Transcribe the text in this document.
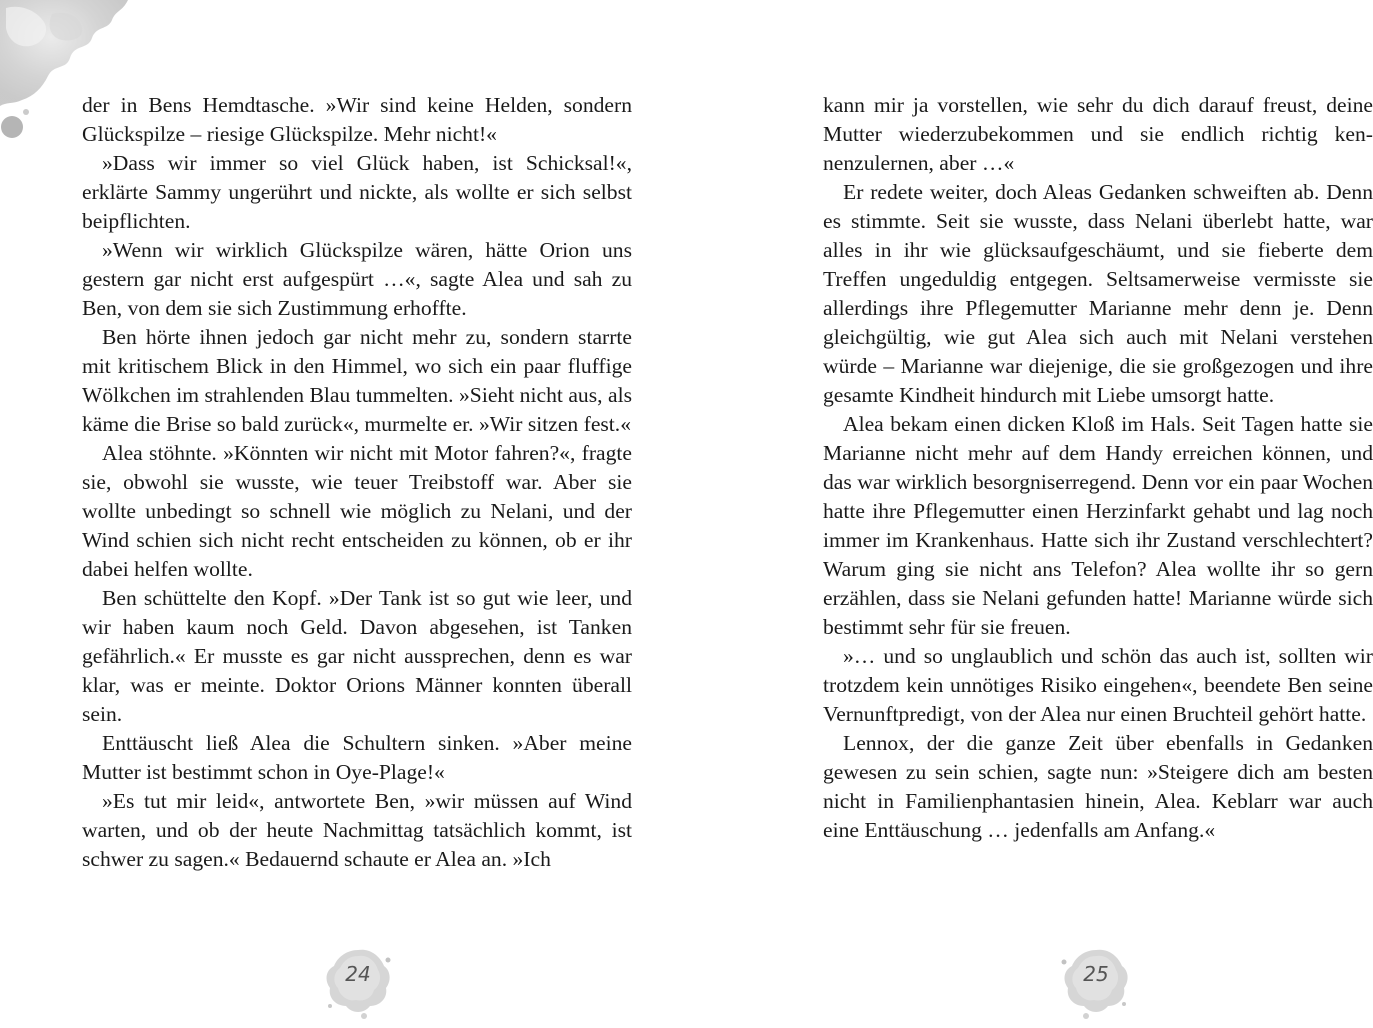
der in Bens Hemdtasche. »Wir sind keine Helden, sondern Glückspilze – riesige Glückspilze. Mehr nicht!«

»Dass wir immer so viel Glück haben, ist Schicksal!«, erklärte Sammy ungerührt und nickte, als wollte er sich selbst beipflichten.

»Wenn wir wirklich Glückspilze wären, hätte Orion uns gestern gar nicht erst aufgespürt …«, sagte Alea und sah zu Ben, von dem sie sich Zustimmung erhoffte.

Ben hörte ihnen jedoch gar nicht mehr zu, sondern starrte mit kritischem Blick in den Himmel, wo sich ein paar fluffige Wölkchen im strahlenden Blau tummelten. »Sieht nicht aus, als käme die Brise so bald zurück«, murmelte er. »Wir sitzen fest.«

Alea stöhnte. »Könnten wir nicht mit Motor fahren?«, fragte sie, obwohl sie wusste, wie teuer Treibstoff war. Aber sie wollte unbedingt so schnell wie möglich zu Nelani, und der Wind schien sich nicht recht entscheiden zu können, ob er ihr dabei helfen wollte.

Ben schüttelte den Kopf. »Der Tank ist so gut wie leer, und wir haben kaum noch Geld. Davon abgesehen, ist Tanken gefährlich.« Er musste es gar nicht aussprechen, denn es war klar, was er meinte. Doktor Orions Männer konnten überall sein.

Enttäuscht ließ Alea die Schultern sinken. »Aber meine Mutter ist bestimmt schon in Oye-Plage!«

»Es tut mir leid«, antwortete Ben, »wir müssen auf Wind warten, und ob der heute Nachmittag tatsächlich kommt, ist schwer zu sagen.« Bedauernd schaute er Alea an. »Ich

24

kann mir ja vorstellen, wie sehr du dich darauf freust, deine Mutter wiederzubekommen und sie endlich richtig kennenzulernen, aber …«

Er redete weiter, doch Aleas Gedanken schweiften ab. Denn es stimmte. Seit sie wusste, dass Nelani überlebt hatte, war alles in ihr wie glücksaufgeschäumt, und sie fieberte dem Treffen ungeduldig entgegen. Seltsamerweise vermisste sie allerdings ihre Pflegemutter Marianne mehr denn je. Denn gleichgültig, wie gut Alea sich auch mit Nelani verstehen würde – Marianne war diejenige, die sie großgezogen und ihre gesamte Kindheit hindurch mit Liebe umsorgt hatte.

Alea bekam einen dicken Kloß im Hals. Seit Tagen hatte sie Marianne nicht mehr auf dem Handy erreichen können, und das war wirklich besorgniserregend. Denn vor ein paar Wochen hatte ihre Pflegemutter einen Herzinfarkt gehabt und lag noch immer im Krankenhaus. Hatte sich ihr Zustand verschlechtert? Warum ging sie nicht ans Telefon? Alea wollte ihr so gern erzählen, dass sie Nelani gefunden hatte! Marianne würde sich bestimmt sehr für sie freuen.

»… und so unglaublich und schön das auch ist, sollten wir trotzdem kein unnötiges Risiko eingehen«, beendete Ben seine Vernunftpredigt, von der Alea nur einen Bruchteil gehört hatte.

Lennox, der die ganze Zeit über ebenfalls in Gedanken gewesen zu sein schien, sagte nun: »Steigere dich am besten nicht in Familienphantasien hinein, Alea. Keblarr war auch eine Enttäuschung … jedenfalls am Anfang.«

25
